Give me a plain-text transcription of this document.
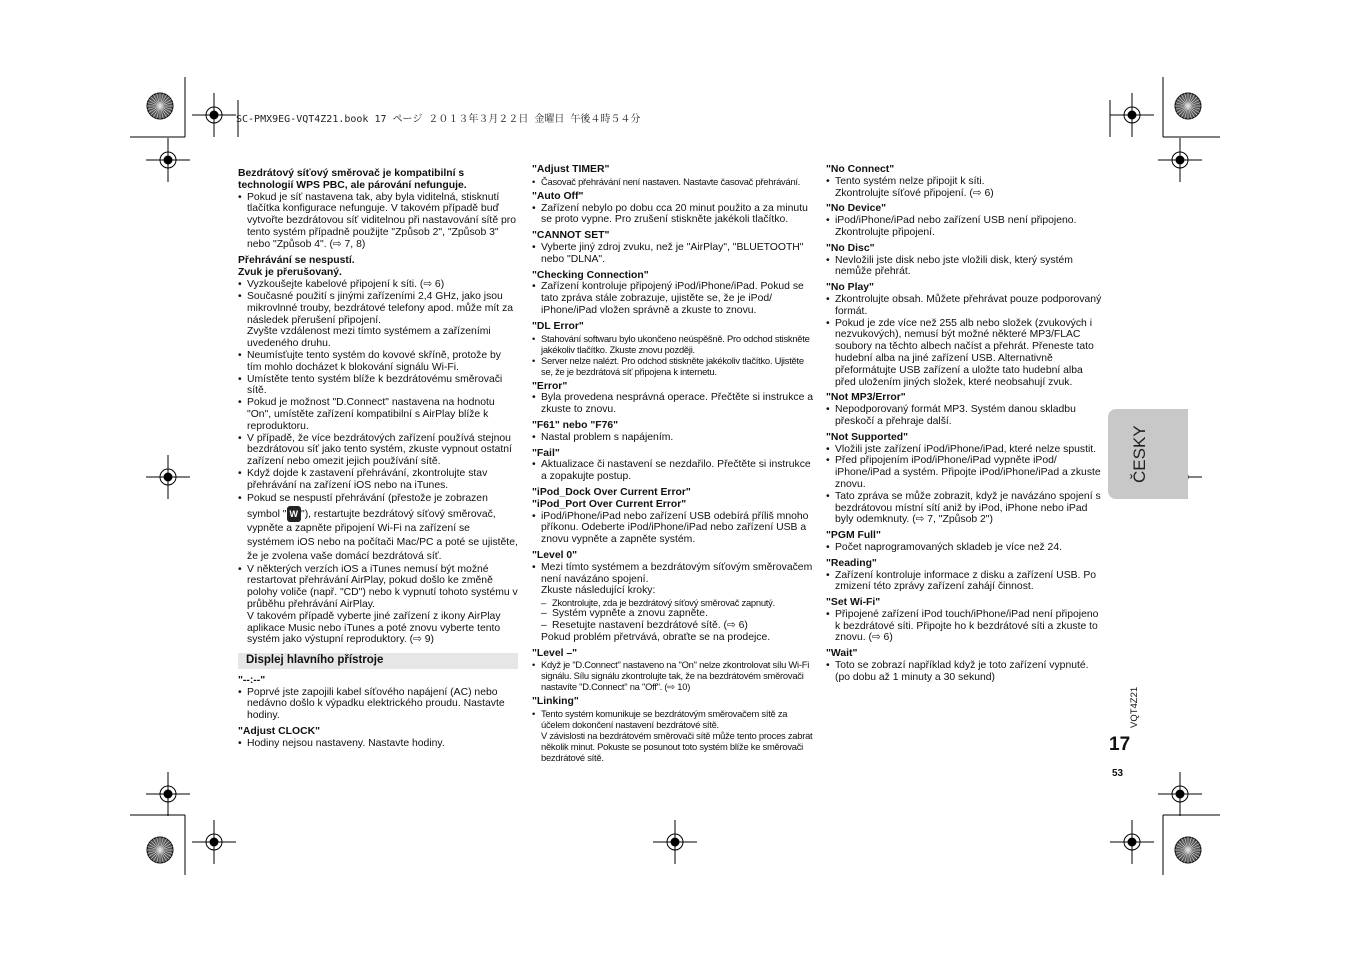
SC-PMX9EG-VQT4Z21.book 17 ページ ２０１３年３月２２日 金曜日 午後４時５４分
Bezdrátový síťový směrovač je kompatibilní s technologií WPS PBC, ale párování nefunguje.
• Pokud je síť nastavena tak, aby byla viditelná, stisknutí tlačítka konfigurace nefunguje. V takovém případě buď vytvořte bezdrátovou síť viditelnou při nastavování sítě pro tento systém případně použijte "Způsob 2", "Způsob 3" nebo "Způsob 4". (⇨ 7, 8)
Přehrávání se nespustí.
Zvuk je přerušovaný.
• Vyzkoušejte kabelové připojení k síti. (⇨ 6)
• Současné použití s jinými zařízeními 2,4 GHz, jako jsou mikrovlnné trouby, bezdrátové telefony apod. může mít za následek přerušení připojení.
Zvyšte vzdálenost mezi tímto systémem a zařízeními uvedeného druhu.
• Neumísťujte tento systém do kovové skříně, protože by tím mohlo docházet k blokování signálu Wi-Fi.
• Umístěte tento systém blíže k bezdrátovému směrovači sítě.
• Pokud je možnost "D.Connect" nastavena na hodnotu "On", umístěte zařízení kompatibilní s AirPlay blíže k reproduktoru.
• V případě, že více bezdrátových zařízení používá stejnou bezdrátovou síť jako tento systém, zkuste vypnout ostatní zařízení nebo omezit jejich používání sítě.
• Když dojde k zastavení přehrávání, zkontrolujte stav přehrávání na zařízení iOS nebo na iTunes.
• Pokud se nespustí přehrávání (přestože je zobrazen symbol " W "), restartujte bezdrátový síťový směrovač, vypněte a zapněte připojení Wi-Fi na zařízení se systémem iOS nebo na počítači Mac/PC a poté se ujistěte, že je zvolena vaše domácí bezdrátová síť.
• V některých verzích iOS a iTunes nemusí být možné restartovat přehrávání AirPlay, pokud došlo ke změně polohy voliče (např. "CD") nebo k vypnutí tohoto systému v průběhu přehrávání AirPlay.
V takovém případě vyberte jiné zařízení z ikony AirPlay aplikace Music nebo iTunes a poté znovu vyberte tento systém jako výstupní reproduktory. (⇨ 9)
Displej hlavního přístroje
"--:--"
• Poprvé jste zapojili kabel síťového napájení (AC) nebo nedávno došlo k výpadku elektrického proudu. Nastavte hodiny.
"Adjust CLOCK"
• Hodiny nejsou nastaveny. Nastavte hodiny.
"Adjust TIMER"
• Časovač přehrávání není nastaven. Nastavte časovač přehrávání.
"Auto Off"
• Zařízení nebylo po dobu cca 20 minut použito a za minutu se proto vypne. Pro zrušení stiskněte jakékoli tlačítko.
"CANNOT SET"
• Vyberte jiný zdroj zvuku, než je "AirPlay", "BLUETOOTH" nebo "DLNA".
"Checking Connection"
• Zařízení kontroluje připojený iPod/iPhone/iPad. Pokud se tato zpráva stále zobrazuje, ujistěte se, že je iPod/ iPhone/iPad vložen správně a zkuste to znovu.
"DL Error"
• Stahování softwaru bylo ukončeno neúspěšně. Pro odchod stiskněte jakékoliv tlačítko. Zkuste znovu později.
• Server nelze nalézt. Pro odchod stiskněte jakékoliv tlačítko. Ujistěte se, že je bezdrátová síť připojena k internetu.
"Error"
• Byla provedena nesprávná operace. Přečtěte si instrukce a zkuste to znovu.
"F61" nebo "F76"
• Nastal problem s napájením.
"Fail"
• Aktualizace či nastavení se nezdařilo. Přečtěte si instrukce a zopakujte postup.
"iPod_Dock Over Current Error"
"iPod_Port Over Current Error"
• iPod/iPhone/iPad nebo zařízení USB odebírá příliš mnoho příkonu. Odeberte iPod/iPhone/iPad nebo zařízení USB a znovu vypněte a zapněte systém.
"Level 0"
• Mezi tímto systémem a bezdrátovým síťovým směrovačem není navázáno spojení.
Zkuste následující kroky:
– Zkontrolujte, zda je bezdrátový síťový směrovač zapnutý.
– Systém vypněte a znovu zapněte.
– Resetujte nastavení bezdrátové sítě. (⇨ 6)
Pokud problém přetrvává, obraťte se na prodejce.
"Level –"
• Když je "D.Connect" nastaveno na "On" nelze zkontrolovat sílu Wi-Fi signálu. Sílu signálu zkontrolujte tak, že na bezdrátovém směrovači nastavíte "D.Connect" na "Off". (⇨ 10)
"Linking"
• Tento systém komunikuje se bezdrátovým směrovačem sítě za účelem dokončení nastavení bezdrátové sítě.
V závislosti na bezdrátovém směrovači sítě může tento proces zabrat několik minut. Pokuste se posunout toto systém blíže ke směrovači bezdrátové sítě.
"No Connect"
• Tento systém nelze připojit k síti.
Zkontrolujte síťové připojení. (⇨ 6)
"No Device"
• iPod/iPhone/iPad nebo zařízení USB není připojeno. Zkontrolujte připojení.
"No Disc"
• Nevložili jste disk nebo jste vložili disk, který systém nemůže přehrát.
"No Play"
• Zkontrolujte obsah. Můžete přehrávat pouze podporovaný formát.
• Pokud je zde více než 255 alb nebo složek (zvukových i nezvukových), nemusí být možné některé MP3/FLAC soubory na těchto albech načíst a přehrát. Přeneste tato hudební alba na jiné zařízení USB. Alternativně přeformátujte USB zařízení a uložte tato hudební alba před uložením jiných složek, které neobsahují zvuk.
"Not MP3/Error"
• Nepodporovaný formát MP3. Systém danou skladbu přeskočí a přehraje další.
"Not Supported"
• Vložili jste zařízení iPod/iPhone/iPad, které nelze spustit.
• Před připojením iPod/iPhone/iPad vypněte iPod/ iPhone/iPad a systém. Připojte iPod/iPhone/iPad a zkuste znovu.
• Tato zpráva se může zobrazit, když je navázáno spojení s bezdrátovou místní sítí aniž by iPod, iPhone nebo iPad byly odemknuty. (⇨ 7, "Způsob 2")
"PGM Full"
• Počet naprogramovaných skladeb je více než 24.
"Reading"
• Zařízení kontroluje informace z disku a zařízení USB. Po zmizení této zprávy zařízení zahájí činnost.
"Set Wi-Fi"
• Připojené zařízení iPod touch/iPhone/iPad není připojeno k bezdrátové síti. Připojte ho k bezdrátové síti a zkuste to znovu. (⇨ 6)
"Wait"
• Toto se zobrazí například když je toto zařízení vypnuté. (po dobu až 1 minuty a 30 sekund)
ČESKY
VQT4Z21
17
53
